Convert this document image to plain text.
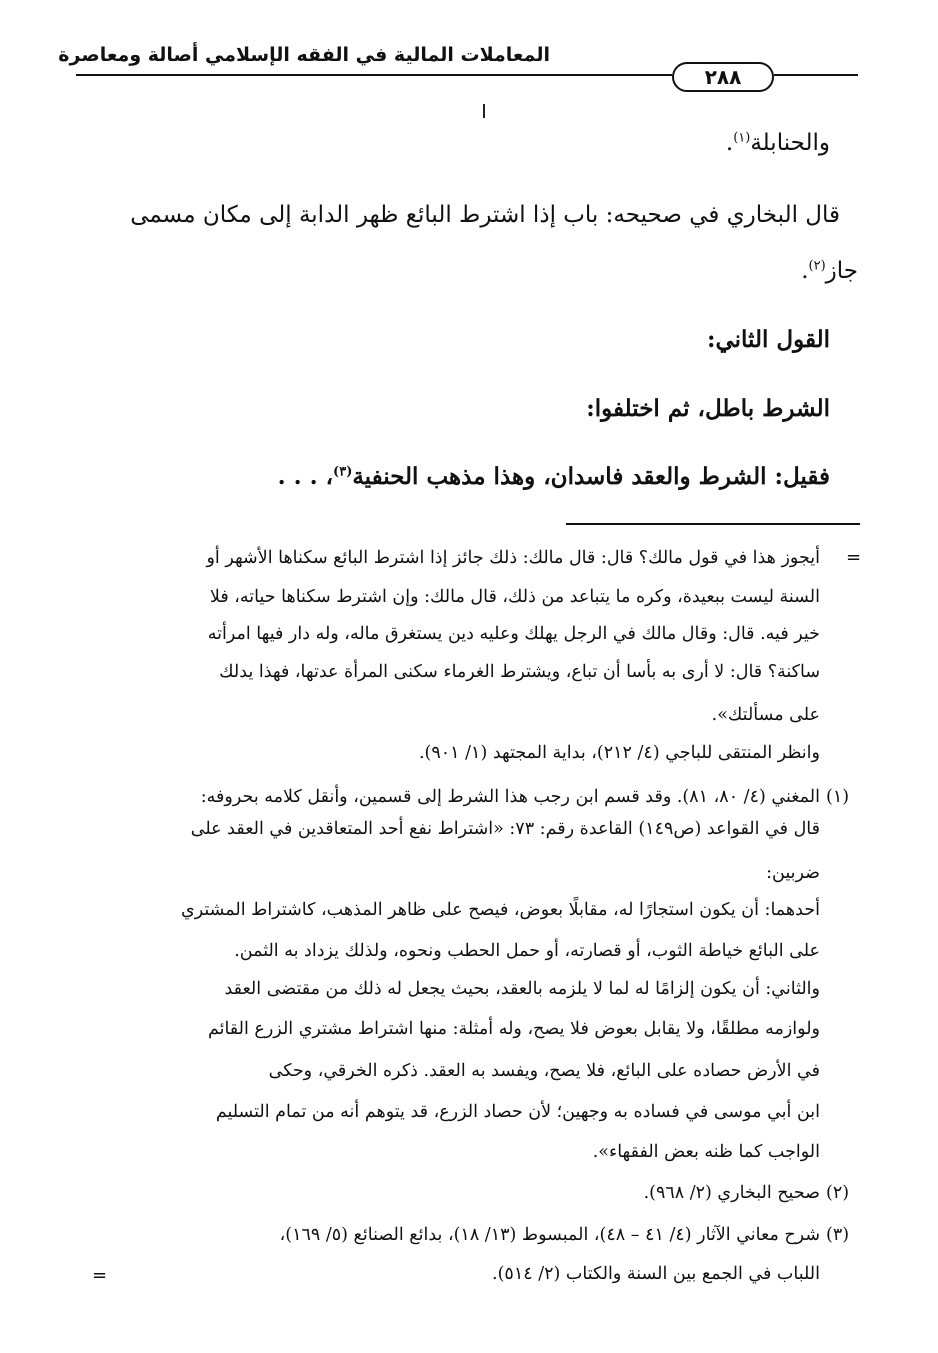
المعاملات المالية في الفقه الإسلامي أصالة ومعاصرة
٢٨٨
والحنابلة$^{(١)}$.
قال البخاري في صحيحه: باب إذا اشترط البائع ظهر الدابة إلى مكان مسمى
جاز$^{(٢)}$.
القول الثاني:
الشرط باطل، ثم اختلفوا:
فقيل: الشرط والعقد فاسدان، وهذا مذهب الحنفية$^{(٣)}$، . . .
=
أيجوز هذا في قول مالك؟ قال: قال مالك: ذلك جائز إذا اشترط البائع سكناها الأشهر أو
السنة ليست ببعيدة، وكره ما يتباعد من ذلك، قال مالك: وإن اشترط سكناها حياته، فلا
خير فيه. قال: وقال مالك في الرجل يهلك وعليه دين يستغرق ماله، وله دار فيها امرأته
ساكنة؟ قال: لا أرى به بأسا أن تباع، ويشترط الغرماء سكنى المرأة عدتها، فهذا يدلك
على مسألتك».
وانظر المنتقى للباجي (٤/ ٢١٢)، بداية المجتهد (١/ ٩٠١).
(١)
المغني (٤/ ٨٠، ٨١). وقد قسم ابن رجب هذا الشرط إلى قسمين، وأنقل كلامه بحروفه:
قال في القواعد (ص١٤٩) القاعدة رقم: ٧٣: «اشتراط نفع أحد المتعاقدين في العقد على
ضربين:
أحدهما: أن يكون استجارًا له، مقابلًا بعوض، فيصح على ظاهر المذهب، كاشتراط المشتري
على البائع خياطة الثوب، أو قصارته، أو حمل الحطب ونحوه، ولذلك يزداد به الثمن.
والثاني: أن يكون إلزامًا له لما لا يلزمه بالعقد، بحيث يجعل له ذلك من مقتضى العقد
ولوازمه مطلقًا، ولا يقابل بعوض فلا يصح، وله أمثلة: منها اشتراط مشتري الزرع القائم
في الأرض حصاده على البائع، فلا يصح، ويفسد به العقد. ذكره الخرقي، وحكى
ابن أبي موسى في فساده به وجهين؛ لأن حصاد الزرع، قد يتوهم أنه من تمام التسليم
الواجب كما ظنه بعض الفقهاء».
(٢)
صحيح البخاري (٢/ ٩٦٨).
(٣)
شرح معاني الآثار (٤/ ٤١ – ٤٨)، المبسوط (١٣/ ١٨)، بدائع الصنائع (٥/ ١٦٩)،
اللباب في الجمع بين السنة والكتاب (٢/ ٥١٤).
=
